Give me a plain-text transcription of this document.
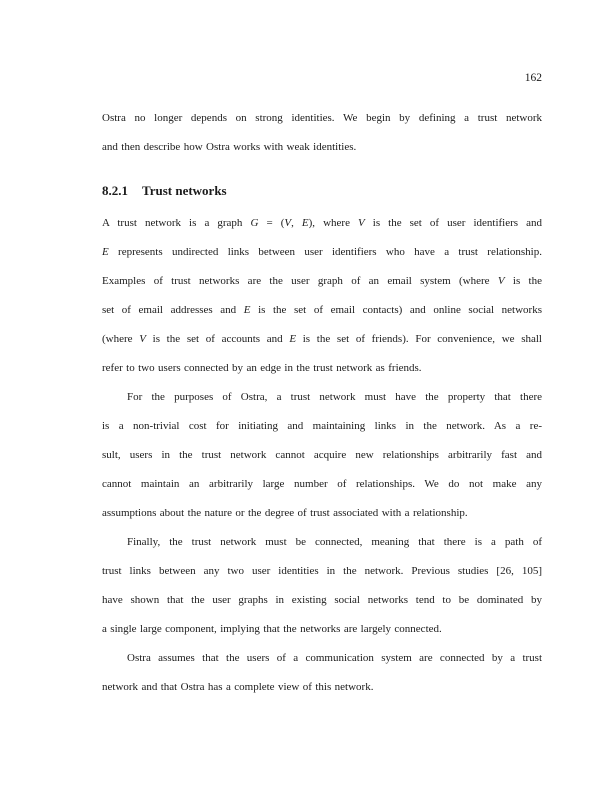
162
Ostra no longer depends on strong identities. We begin by defining a trust network
and then describe how Ostra works with weak identities.
8.2.1 Trust networks
A trust network is a graph G = (V, E), where V is the set of user identifiers and
E represents undirected links between user identifiers who have a trust relationship.
Examples of trust networks are the user graph of an email system (where V is the
set of email addresses and E is the set of email contacts) and online social networks
(where V is the set of accounts and E is the set of friends). For convenience, we shall
refer to two users connected by an edge in the trust network as friends.
For the purposes of Ostra, a trust network must have the property that there
is a non-trivial cost for initiating and maintaining links in the network. As a re-
sult, users in the trust network cannot acquire new relationships arbitrarily fast and
cannot maintain an arbitrarily large number of relationships. We do not make any
assumptions about the nature or the degree of trust associated with a relationship.
Finally, the trust network must be connected, meaning that there is a path of
trust links between any two user identities in the network. Previous studies [26, 105]
have shown that the user graphs in existing social networks tend to be dominated by
a single large component, implying that the networks are largely connected.
Ostra assumes that the users of a communication system are connected by a trust
network and that Ostra has a complete view of this network.
